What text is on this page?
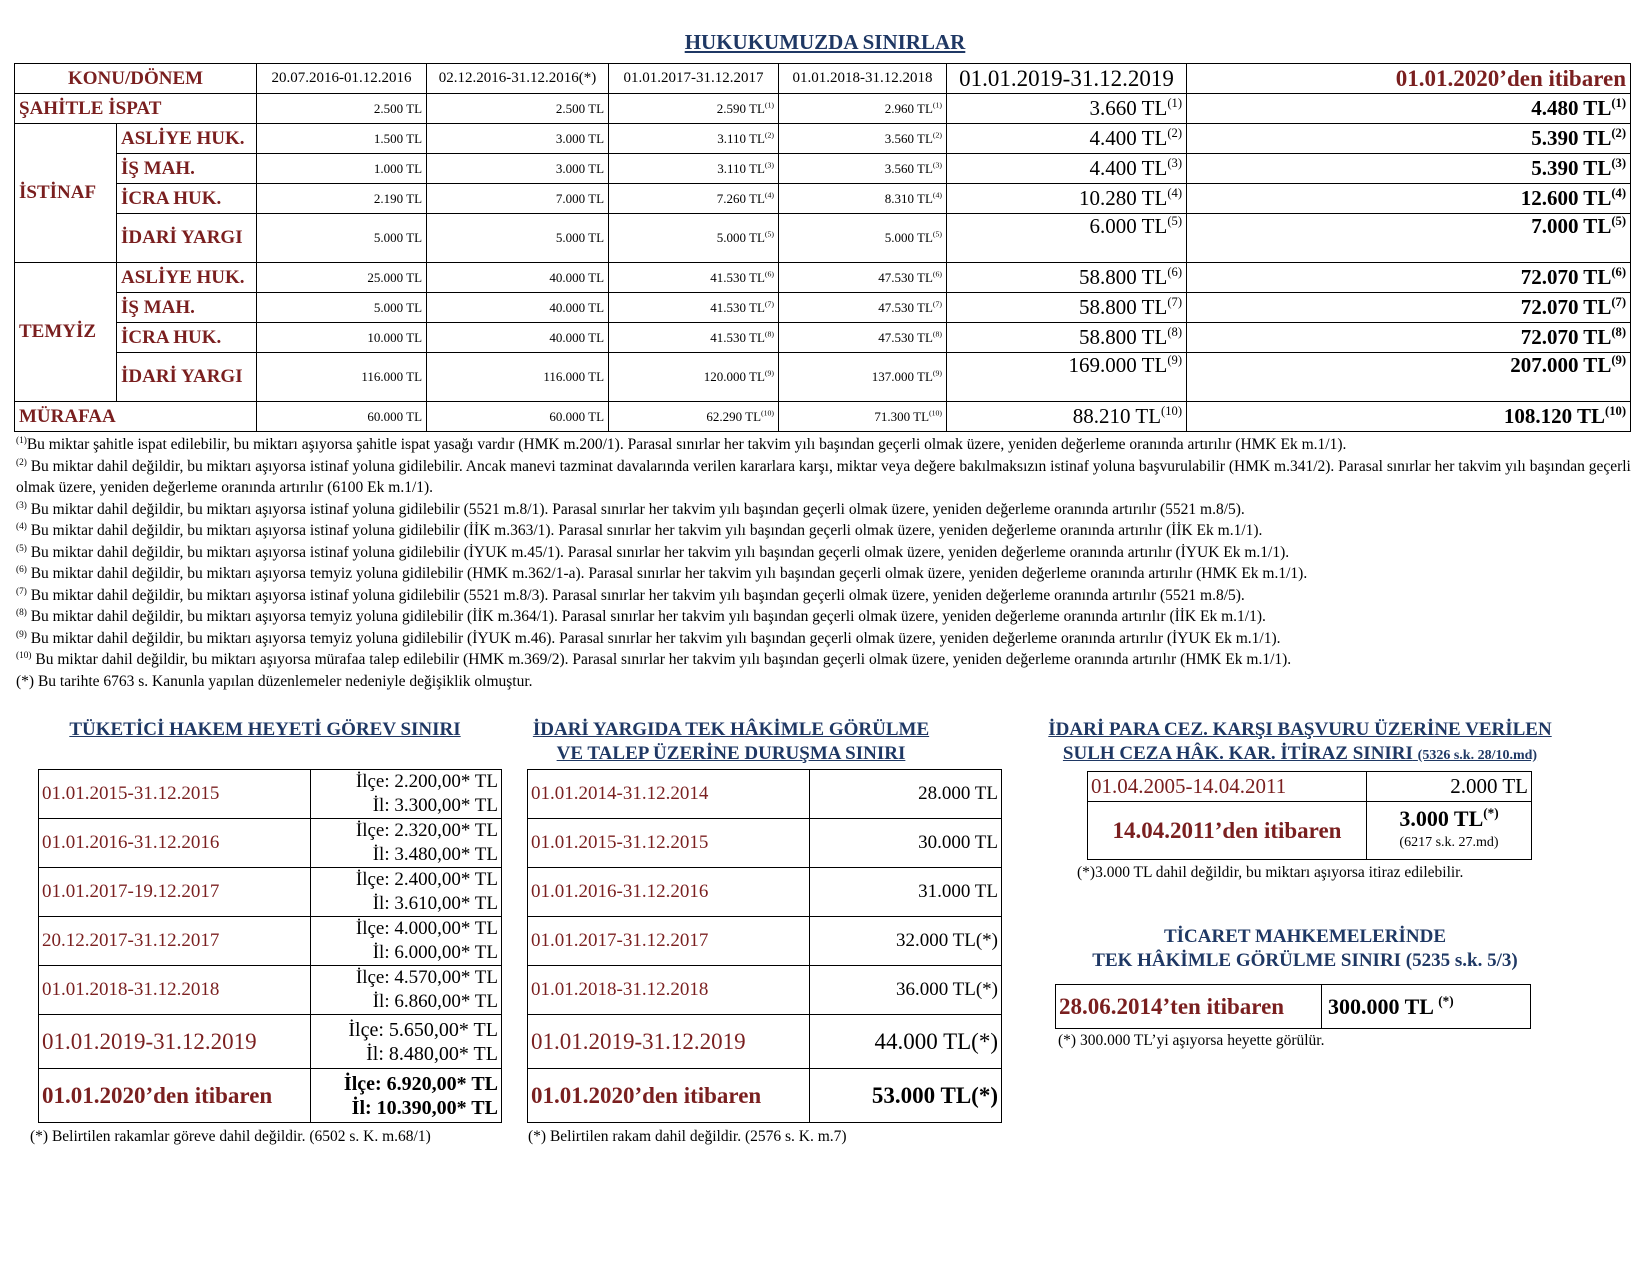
HUKUKUMUZDA SINIRLAR
KONU/DÖNEM		20.07.2016-01.12.2016	02.12.2016-31.12.2016(*)	01.01.2017-31.12.2017	01.01.2018-31.12.2018	01.01.2019-31.12.2019	01.01.2020’den itibaren
ŞAHİTLE İSPAT		2.500 TL	2.500 TL	2.590 TL$^{(1)}$	2.960 TL$^{(1)}$	3.660 TL$^{(1)}$	4.480 TL$^{(1)}$
İSTİNAF	ASLİYE HUK.	1.500 TL	3.000 TL	3.110 TL$^{(2)}$	3.560 TL$^{(2)}$	4.400 TL$^{(2)}$	5.390 TL$^{(2)}$
	İŞ MAH.	1.000 TL	3.000 TL	3.110 TL$^{(3)}$	3.560 TL$^{(3)}$	4.400 TL$^{(3)}$	5.390 TL$^{(3)}$
	İCRA HUK.	2.190 TL	7.000 TL	7.260 TL$^{(4)}$	8.310 TL$^{(4)}$	10.280 TL$^{(4)}$	12.600 TL$^{(4)}$
	İDARİ YARGI	5.000 TL	5.000 TL	5.000 TL$^{(5)}$	5.000 TL$^{(5)}$	6.000 TL$^{(5)}$	7.000 TL$^{(5)}$
TEMYİZ	ASLİYE HUK.	25.000 TL	40.000 TL	41.530 TL$^{(6)}$	47.530 TL$^{(6)}$	58.800 TL$^{(6)}$	72.070 TL$^{(6)}$
	İŞ MAH.	5.000 TL	40.000 TL	41.530 TL$^{(7)}$	47.530 TL$^{(7)}$	58.800 TL$^{(7)}$	72.070 TL$^{(7)}$
	İCRA HUK.	10.000 TL	40.000 TL	41.530 TL$^{(8)}$	47.530 TL$^{(8)}$	58.800 TL$^{(8)}$	72.070 TL$^{(8)}$
	İDARİ YARGI	116.000 TL	116.000 TL	120.000 TL$^{(9)}$	137.000 TL$^{(9)}$	169.000 TL$^{(9)}$	207.000 TL$^{(9)}$
MÜRAFAA		60.000 TL	60.000 TL	62.290 TL$^{(10)}$	71.300 TL$^{(10)}$	88.210 TL$^{(10)}$	108.120 TL$^{(10)}$
$^{(1)}$Bu miktar şahitle ispat edilebilir, bu miktarı aşıyorsa şahitle ispat yasağı vardır (HMK m.200/1). Parasal sınırlar her takvim yılı başından geçerli olmak üzere, yeniden değerleme oranında artırılır (HMK Ek m.1/1).
$^{(2)}$ Bu miktar dahil değildir, bu miktarı aşıyorsa istinaf yoluna gidilebilir. Ancak manevi tazminat davalarında verilen kararlara karşı, miktar veya değere bakılmaksızın istinaf yoluna başvurulabilir (HMK m.341/2). Parasal sınırlar her takvim yılı başından geçerli olmak üzere, yeniden değerleme oranında artırılır (6100 Ek m.1/1).
$^{(3)}$ Bu miktar dahil değildir, bu miktarı aşıyorsa istinaf yoluna gidilebilir (5521 m.8/1). Parasal sınırlar her takvim yılı başından geçerli olmak üzere, yeniden değerleme oranında artırılır (5521 m.8/5).
$^{(4)}$ Bu miktar dahil değildir, bu miktarı aşıyorsa istinaf yoluna gidilebilir (İİK m.363/1). Parasal sınırlar her takvim yılı başından geçerli olmak üzere, yeniden değerleme oranında artırılır (İİK Ek m.1/1).
$^{(5)}$ Bu miktar dahil değildir, bu miktarı aşıyorsa istinaf yoluna gidilebilir (İYUK m.45/1). Parasal sınırlar her takvim yılı başından geçerli olmak üzere, yeniden değerleme oranında artırılır (İYUK Ek m.1/1).
$^{(6)}$ Bu miktar dahil değildir, bu miktarı aşıyorsa temyiz yoluna gidilebilir (HMK m.362/1-a). Parasal sınırlar her takvim yılı başından geçerli olmak üzere, yeniden değerleme oranında artırılır (HMK Ek m.1/1).
$^{(7)}$ Bu miktar dahil değildir, bu miktarı aşıyorsa istinaf yoluna gidilebilir (5521 m.8/3). Parasal sınırlar her takvim yılı başından geçerli olmak üzere, yeniden değerleme oranında artırılır (5521 m.8/5).
$^{(8)}$ Bu miktar dahil değildir, bu miktarı aşıyorsa temyiz yoluna gidilebilir (İİK m.364/1). Parasal sınırlar her takvim yılı başından geçerli olmak üzere, yeniden değerleme oranında artırılır (İİK Ek m.1/1).
$^{(9)}$ Bu miktar dahil değildir, bu miktarı aşıyorsa temyiz yoluna gidilebilir (İYUK m.46). Parasal sınırlar her takvim yılı başından geçerli olmak üzere, yeniden değerleme oranında artırılır (İYUK Ek m.1/1).
$^{(10)}$ Bu miktar dahil değildir, bu miktarı aşıyorsa mürafaa talep edilebilir (HMK m.369/2). Parasal sınırlar her takvim yılı başından geçerli olmak üzere, yeniden değerleme oranında artırılır (HMK Ek m.1/1).
(*) Bu tarihte 6763 s. Kanunla yapılan düzenlemeler nedeniyle değişiklik olmuştur.
TÜKETİCİ HAKEM HEYETİ GÖREV SINIRI
01.01.2015-31.12.2015	İlçe: 2.200,00* TL
İl: 3.300,00* TL

01.01.2016-31.12.2016	İlçe: 2.320,00* TL
İl: 3.480,00* TL

01.01.2017-19.12.2017	İlçe: 2.400,00* TL
İl: 3.610,00* TL

20.12.2017-31.12.2017	İlçe: 4.000,00* TL
İl: 6.000,00* TL

01.01.2018-31.12.2018	İlçe: 4.570,00* TL
İl: 6.860,00* TL

01.01.2019-31.12.2019	İlçe: 5.650,00* TL
İl: 8.480,00* TL

01.01.2020’den itibaren	İlçe: 6.920,00* TL
İl: 10.390,00* TL
(*) Belirtilen rakamlar göreve dahil değildir. (6502 s. K. m.68/1)
İDARİ YARGIDA TEK HÂKİMLE GÖRÜLME
VE TALEP ÜZERİNE DURUŞMA SINIRI
01.01.2014-31.12.2014	28.000 TL
01.01.2015-31.12.2015	30.000 TL
01.01.2016-31.12.2016	31.000 TL
01.01.2017-31.12.2017	32.000 TL(*)
01.01.2018-31.12.2018	36.000 TL(*)
01.01.2019-31.12.2019	44.000 TL(*)
01.01.2020’den itibaren	53.000 TL(*)
(*) Belirtilen rakam dahil değildir. (2576 s. K. m.7)
İDARİ PARA CEZ. KARŞI BAŞVURU ÜZERİNE VERİLEN
SULH CEZA HÂK. KAR. İTİRAZ SINIRI (5326 s.k. 28/10.md)
01.04.2005-14.04.2011	2.000 TL
14.04.2011’den itibaren	3.000 TL(*)
(6217 s.k. 27.md)
(*)3.000 TL dahil değildir, bu miktarı aşıyorsa itiraz edilebilir.
TİCARET MAHKEMELERİNDE
TEK HÂKİMLE GÖRÜLME SINIRI (5235 s.k. 5/3)
28.06.2014’ten itibaren	300.000 TL (*)
(*) 300.000 TL’yi aşıyorsa heyette görülür.
